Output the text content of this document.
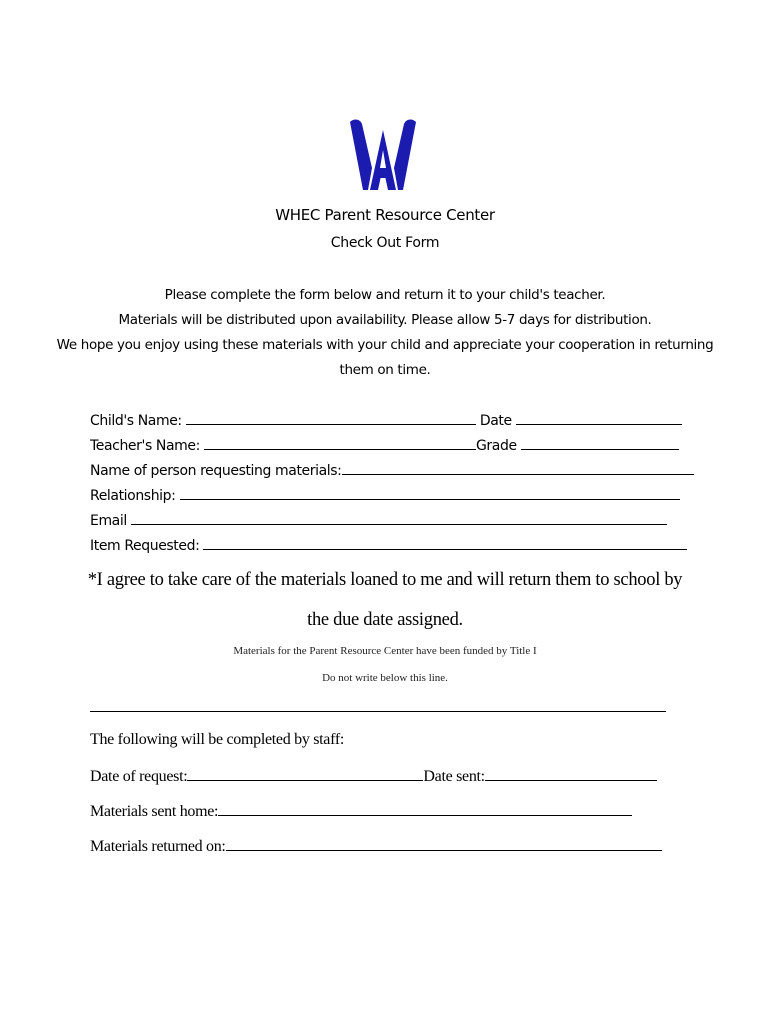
WHEC Parent Resource Center
Check Out Form
Please complete the form below and return it to your child's teacher.
Materials will be distributed upon availability. Please allow 5-7 days for distribution.
We hope you enjoy using these materials with your child and appreciate your cooperation in returning
them on time.
Child's Name:	Date
Teacher's Name:	Grade
Name of person requesting materials:
Relationship:
Email
Item Requested:
*I agree to take care of the materials loaned to me and will return them to school by
the due date assigned.
Materials for the Parent Resource Center have been funded by Title I
Do not write below this line.
The following will be completed by staff:
Date of request:	Date sent:
Materials sent home:
Materials returned on:
